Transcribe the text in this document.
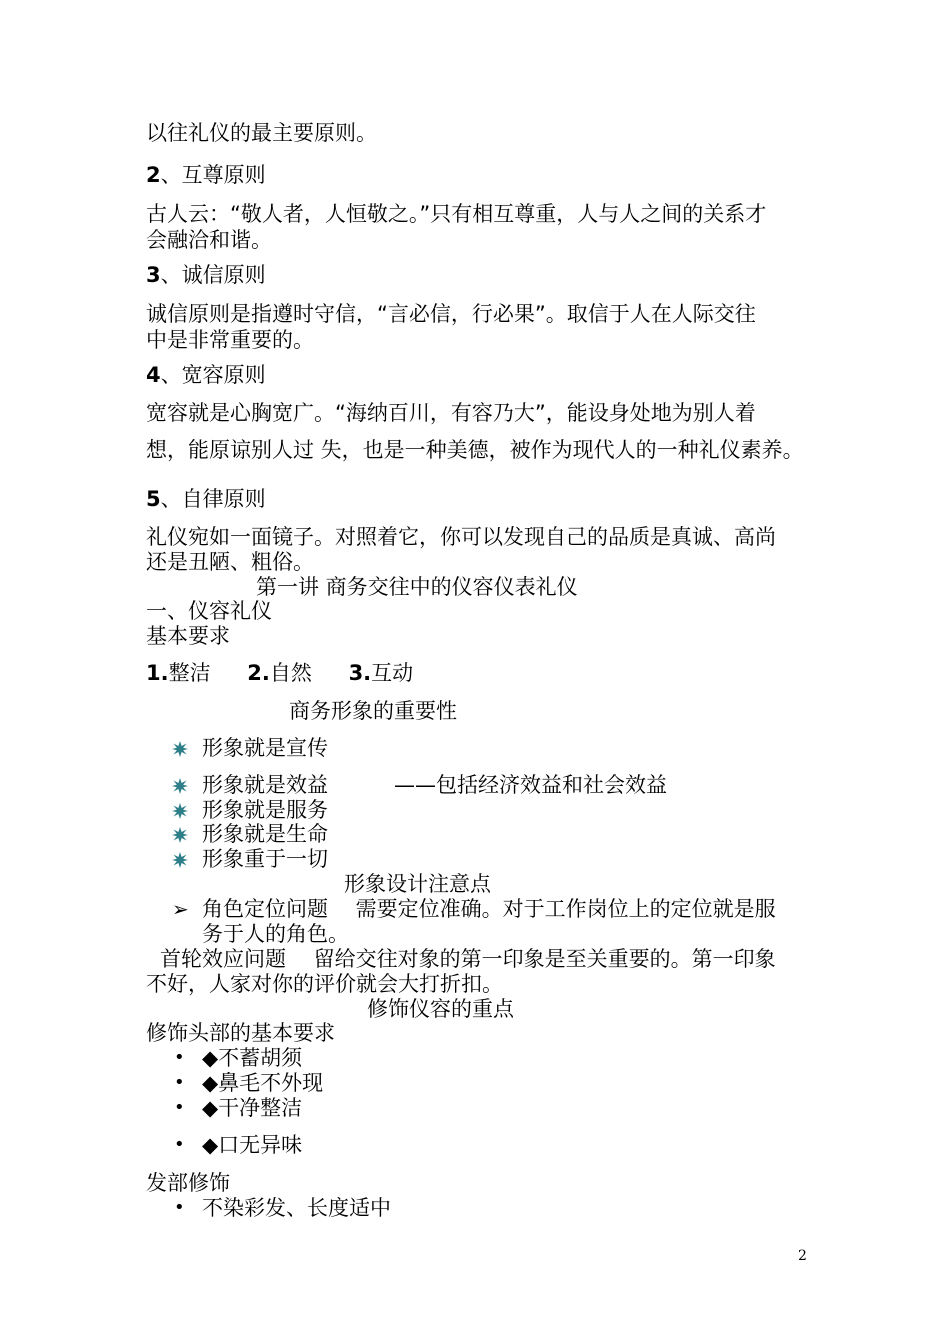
以往礼仪的最主要原则。
2、互尊原则
古人云：“敬人者，人恒敬之。”只有相互尊重，人与人之间的关系才
会融洽和谐。
3、诚信原则
诚信原则是指遵时守信，“言必信，行必果”。取信于人在人际交往
中是非常重要的。
4、宽容原则
宽容就是心胸宽广。“海纳百川，有容乃大”，能设身处地为别人着
想，能原谅别人过 失，也是一种美德，被作为现代人的一种礼仪素养。
5、自律原则
礼仪宛如一面镜子。对照着它，你可以发现自己的品质是真诚、高尚
还是丑陋、粗俗。
第一讲 商务交往中的仪容仪表礼仪
一、仪容礼仪
基本要求
1.整洁 2.自然 3.互动
商务形象的重要性
形象就是宣传
形象就是效益	——包括经济效益和社会效益
形象就是服务
形象就是生命
形象重于一切
形象设计注意点
➢ 角色定位问题　 需要定位准确。对于工作岗位上的定位就是服
务于人的角色。
首轮效应问题　 留给交往对象的第一印象是至关重要的。第一印象
不好，人家对你的评价就会大打折扣。
修饰仪容的重点
修饰头部的基本要求
• ◆不蓄胡须
• ◆鼻毛不外现
• ◆干净整洁
• ◆口无异味
发部修饰
• 不染彩发、长度适中
2
